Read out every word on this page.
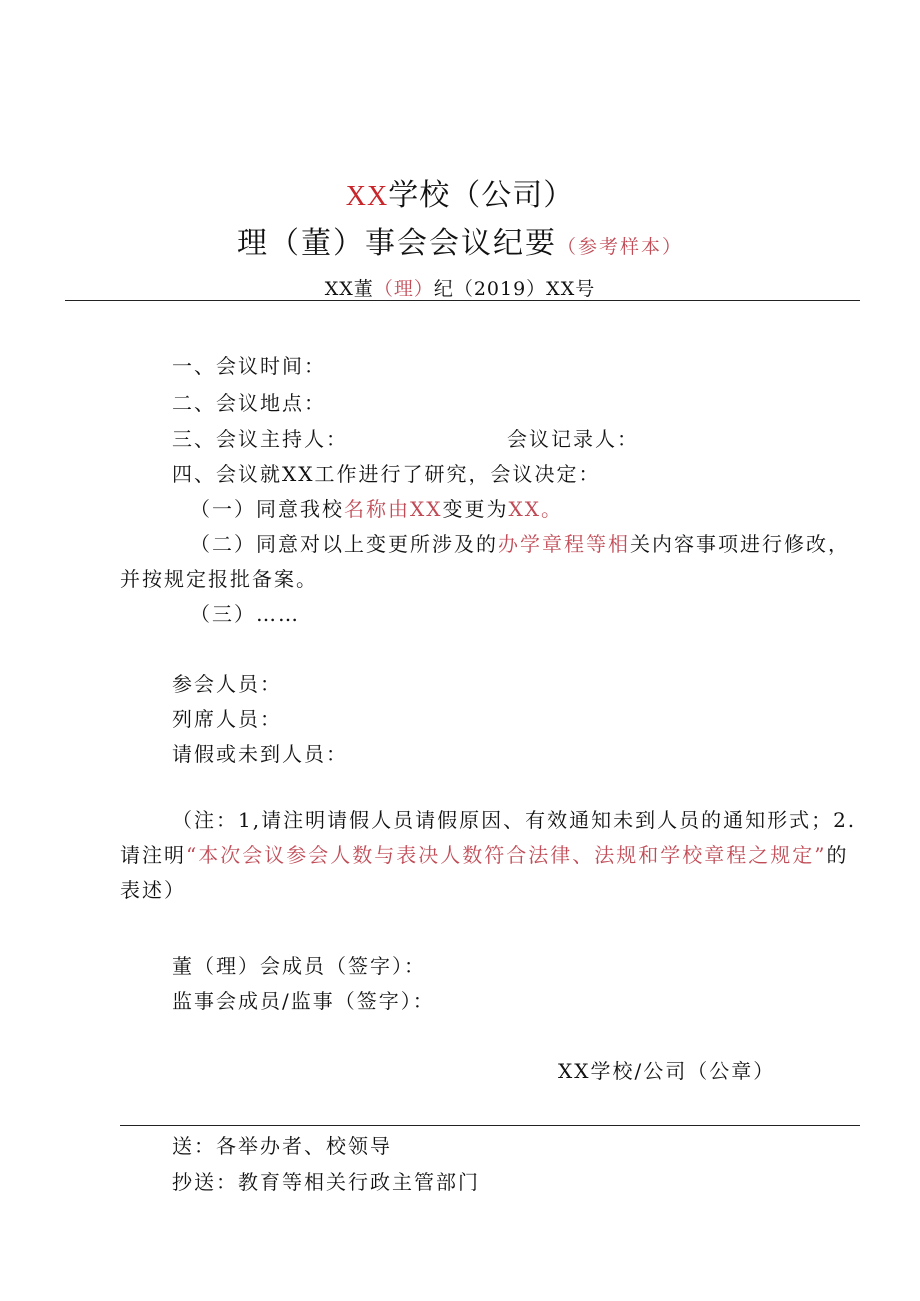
XX学校（公司）
理（董）事会会议纪要（参考样本）
XX董（理）纪（2019）XX号
一、会议时间：
二、会议地点：
三、会议主持人：	会议记录人：
四、会议就XX工作进行了研究，会议决定：
（一）同意我校名称由XX变更为XX。
（二）同意对以上变更所涉及的办学章程等相关内容事项进行修改，
并按规定报批备案。
（三）……
参会人员：
列席人员：
请假或未到人员：
（注：1,请注明请假人员请假原因、有效通知未到人员的通知形式；2.请注明“本次会议参会人数与表决人数符合法律、法规和学校章程之规定”的表述）
董（理）会成员（签字）：
监事会成员/监事（签字）：
XX学校/公司（公章）
送：各举办者、校领导
抄送：教育等相关行政主管部门
